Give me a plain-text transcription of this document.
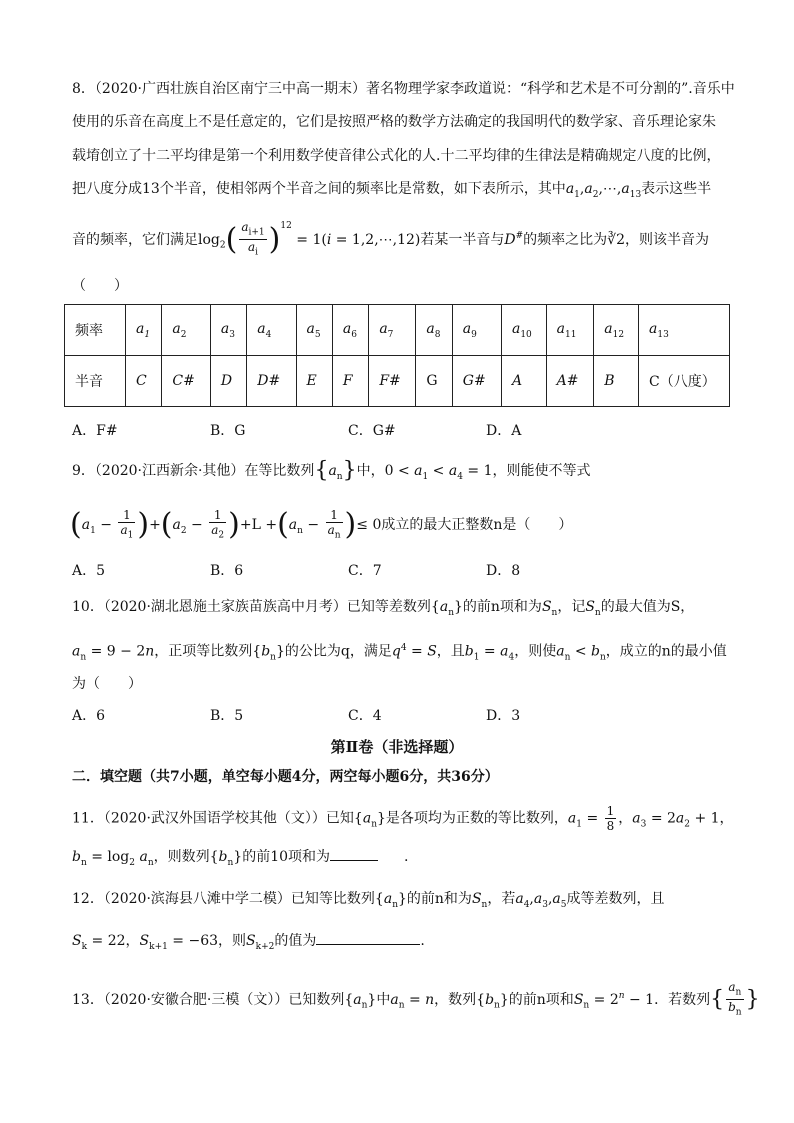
8．（2020·广西壮族自治区南宁三中高一期末）著名物理学家李政道说：“科学和艺术是不可分割的”.音乐中
使用的乐音在高度上不是任意定的，它们是按照严格的数学方法确定的我国明代的数学家、音乐理论家朱
载堉创立了十二平均律是第一个利用数学使音律公式化的人.十二平均律的生律法是精确规定八度的比例，
把八度分成13个半音，使相邻两个半音之间的频率比是常数，如下表所示，其中$a_1,a_2,\cdots,a_{13}$表示这些半
音的频率，它们满足$\log_2( \frac{a_{i+1}}{a_i} )^{12} = 1(i$ = 1,2,⋯,12)若某一半音与D#的频率之比为∛2，则该半音为
（　　）
频率	$a_1$	$a_2$	$a_3$	$a_4$	$a_5$	$a_6$	$a_7$	$a_8$	$a_9$	$a_{10}$	$a_{11}$	$a_{12}$	$a_{13}$
半音	C	C#	D	D#	E	F	F#	G	G#	A	A#	B	C（八度）
A．F#	B．G	C．G#	D．A
9．（2020·江西新余·其他）在等比数列$\{a_n\}$中，$0 < a_1 < a_4 = 1$，则能使不等式
$(a_1 - \frac{1}{a_1} )+(a_2 - \frac{1}{a_2} )+L +(a_n - \frac{1}{a_n}$ )≤ 0成立的最大正整数n是（　　）
A．5	B．6	C．7	D．8
10．（2020·湖北恩施土家族苗族高中月考）已知等差数列$\{a_n\}$的前n项和为$S_n$，记$S_n$的最大值为S，
$a_n = 9 - 2n$，正项等比数列$\{b_n\}$的公比为q，满足$q^4 = S$，且$b_1 = a_4$，则使$a_n < b_n$，成立的n的最小值
为（　　）
A．6	B．5	C．4	D．3
第Ⅱ卷（非选择题）
二．填空题（共7小题，单空每小题4分，两空每小题6分，共36分）
11．（2020·武汉外国语学校其他（文））已知$\{a_n\}$是各项均为正数的等比数列，$a_1 = \frac{1}{8}$ ，$a_3 = 2a_2 + 1$，
$b_n = \log_2 a_n$，则数列$\{b_n\}$的前10项和为	.
12．（2020·滨海县八滩中学二模）已知等比数列$\{a_n\}$的前n和为$S_n$，若$a_4,a_3,a_5$成等差数列，且
$S_k = 22$，$S_{k+1} = -63$，则$S_{k+2}$的值为	.
13．（2020·安徽合肥·三模（文））已知数列$\{a_n\}$中$a_n = n$，数列$\{b_n\}$的前n项和$S_n = 2^n - 1$．若数列{ $\frac{a_n}{b_n}$ }
